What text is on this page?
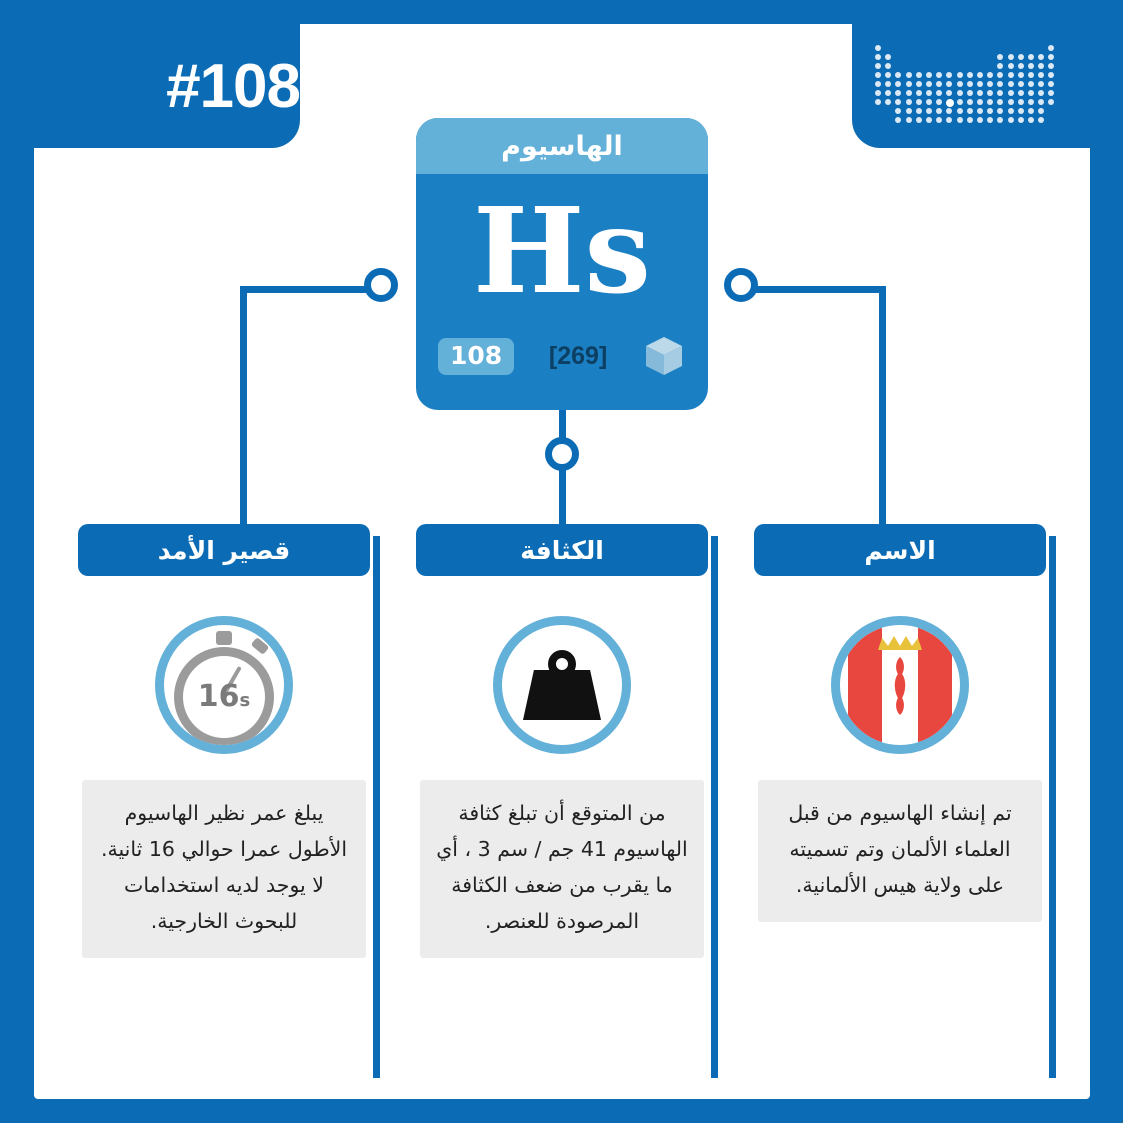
#108
الهاسيوم
Hs
108	[269]
الاسم
تم إنشاء الهاسيوم من قبل العلماء الألمان وتم تسميته على ولاية هيس الألمانية.
الكثافة
من المتوقع أن تبلغ كثافة الهاسيوم 41 جم / سم 3 ، أي ما يقرب من ضعف الكثافة المرصودة للعنصر.
قصير الأمد
16s
يبلغ عمر نظير الهاسيوم الأطول عمرا حوالي 16 ثانية. لا يوجد لديه استخدامات للبحوث الخارجية.
